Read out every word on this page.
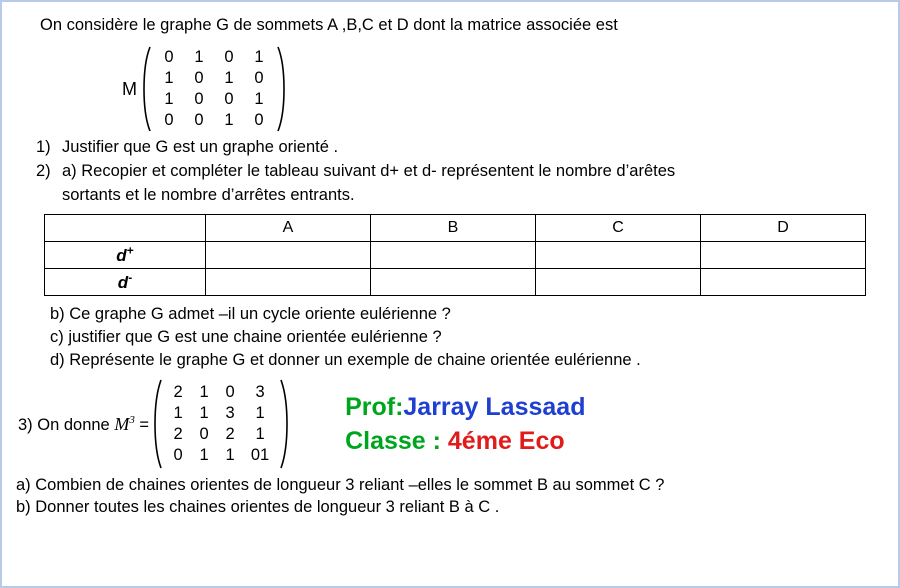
On considère le graphe G de sommets A ,B,C et D dont la matrice associée est
M
0	1	0	1
1	0	1	0
1	0	0	1
0	0	1	0
1) Justifier que G est un graphe orienté .
2) a) Recopier et compléter le tableau suivant d+ et d- représentent le nombre d’arêtes
sortants et le nombre d’arrêtes entrants.
	A	B	C	D
d+				
d-				
b) Ce graphe G admet –il un cycle oriente eulérienne ?
c) justifier que G est une chaine orientée eulérienne ?
d) Représente le graphe G et donner un exemple de chaine orientée eulérienne .
3) On donne $M^3$ =
2	1	0	3
1	1	3	1
2	0	2	1
0	1	1 01
Prof:Jarray Lassaad
Classe : 4éme Eco
a) Combien de chaines orientes de longueur 3 reliant –elles le sommet B au sommet C ?
b) Donner toutes les chaines orientes de longueur 3 reliant B à C .
